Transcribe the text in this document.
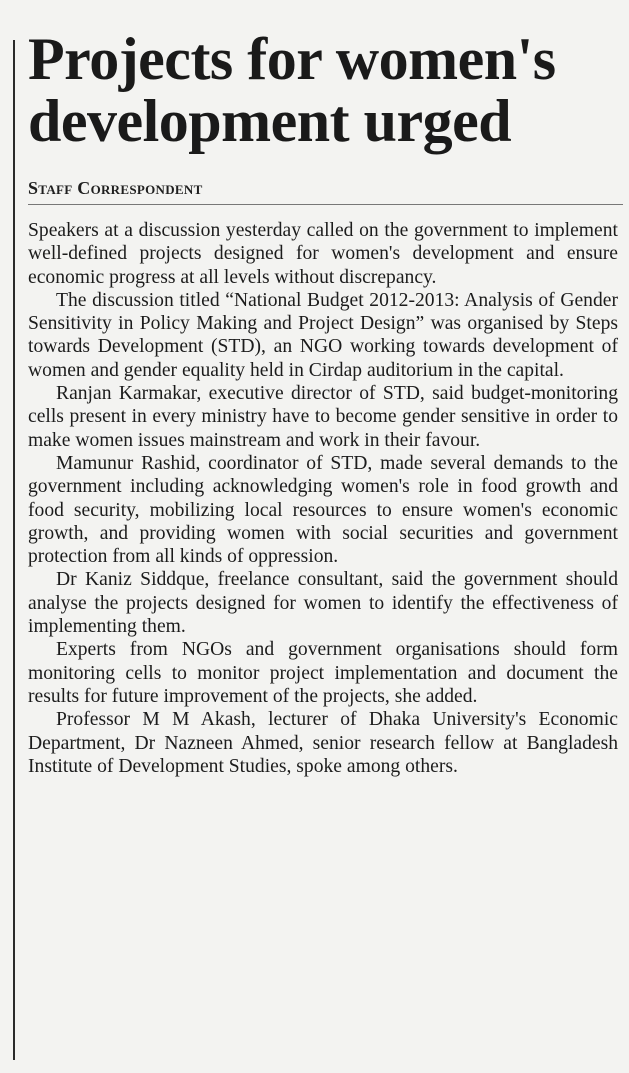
Projects for women's
development urged
Staff Correspondent

Speakers at a discussion yesterday called on the government to implement well-defined projects designed for women's development and ensure economic progress at all levels without discrepancy.

The discussion titled “National Budget 2012-2013: Analysis of Gender Sensitivity in Policy Making and Project Design” was organised by Steps towards Development (STD), an NGO working towards development of women and gender equality held in Cirdap auditorium in the capital.

Ranjan Karmakar, executive director of STD, said budget-monitoring cells present in every ministry have to become gender sensitive in order to make women issues mainstream and work in their favour.

Mamunur Rashid, coordinator of STD, made several demands to the government including acknowledging women's role in food growth and food security, mobilizing local resources to ensure women's economic growth, and providing women with social securities and government protection from all kinds of oppression.

Dr Kaniz Siddque, freelance consultant, said the government should analyse the projects designed for women to identify the effectiveness of implementing them.

Experts from NGOs and government organisations should form monitoring cells to monitor project implementation and document the results for future improvement of the projects, she added.

Professor M M Akash, lecturer of Dhaka University's Economic Department, Dr Nazneen Ahmed, senior research fellow at Bangladesh Institute of Development Studies, spoke among others.
